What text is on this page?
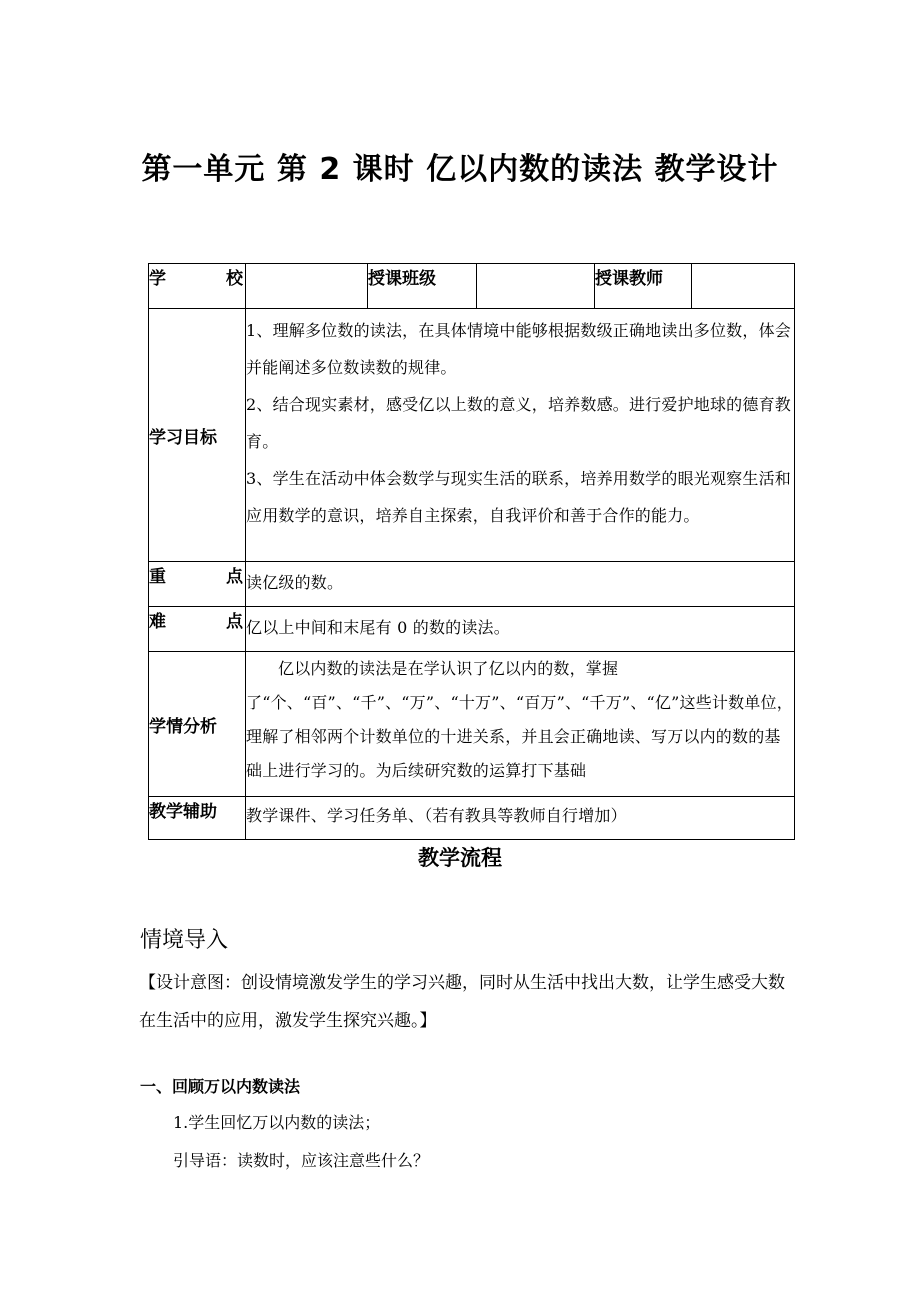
第一单元 第 2 课时 亿以内数的读法 教学设计
学 校		授课班级		授课教师	
学习目标	1、理解多位数的读法，在具体情境中能够根据数级正确地读出多位数，体会并能阐述多位数读数的规律。
2、结合现实素材，感受亿以上数的意义，培养数感。进行爱护地球的德育教育。
3、学生在活动中体会数学与现实生活的联系，培养用数学的眼光观察生活和应用数学的意识，培养自主探索，自我评价和善于合作的能力。				

重 点	读亿级的数。				

难 点	亿以上中间和末尾有 0 的数的读法。				
学情分析	亿以内数的读法是在学认识了亿以内的数，掌握了“个、“百”、“千”、“万”、“十万”、“百万”、“千万”、“亿”这些计数单位，理解了相邻两个计数单位的十进关系，并且会正确地读、写万以内的数的基础上进行学习的。为后续研究数的运算打下基础				
教学辅助	教学课件、学习任务单、（若有教具等教师自行增加）				
教学流程
情境导入
【设计意图：创设情境激发学生的学习兴趣，同时从生活中找出大数，让学生感受大数在生活中的应用，激发学生探究兴趣。】
一、回顾万以内数读法
1.学生回忆万以内数的读法；
引导语：读数时，应该注意些什么？
